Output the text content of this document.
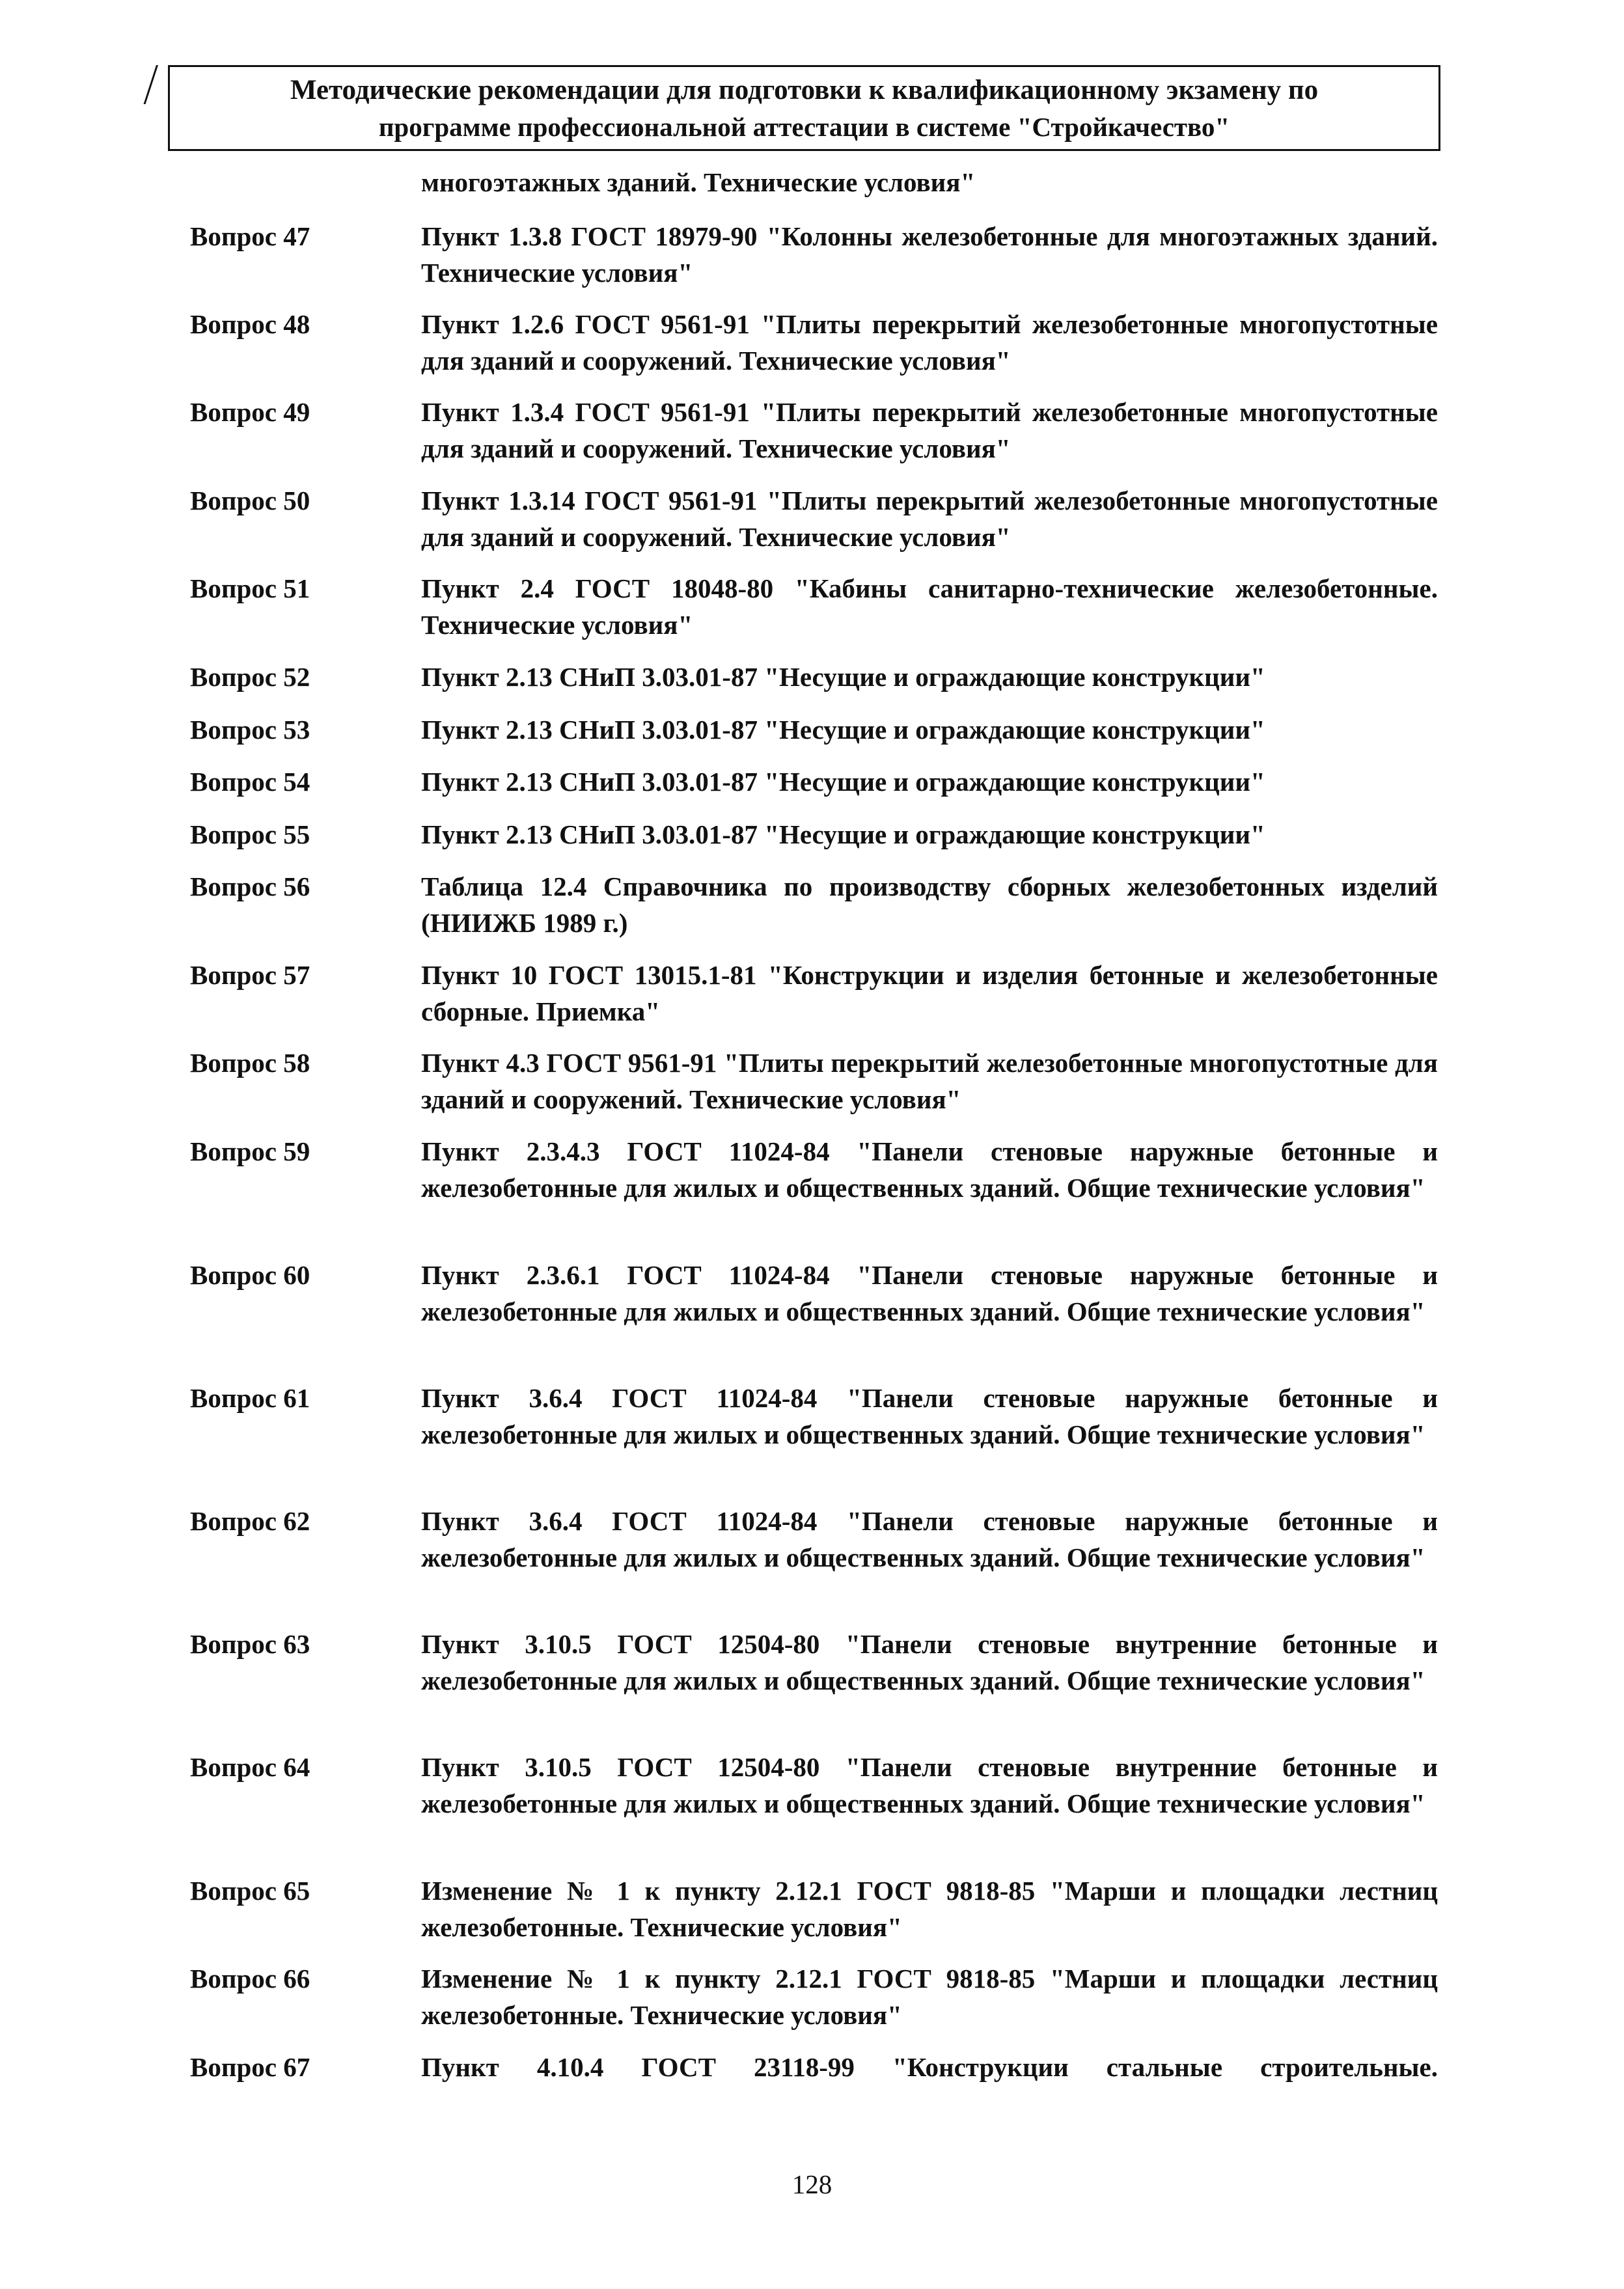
Методические рекомендации для подготовки к квалификационному экзамену по
программе профессиональной аттестации в системе "Стройкачество"
многоэтажных зданий. Технические условия"
Вопрос 47	Пункт 1.3.8 ГОСТ 18979-90 "Колонны железобетонные для многоэтажных зданий. Технические условия"
Вопрос 48	Пункт 1.2.6 ГОСТ 9561-91 "Плиты перекрытий железобетонные многопустотные для зданий и сооружений. Технические условия"
Вопрос 49	Пункт 1.3.4 ГОСТ 9561-91 "Плиты перекрытий железобетонные многопустотные для зданий и сооружений. Технические условия"
Вопрос 50	Пункт 1.3.14 ГОСТ 9561-91 "Плиты перекрытий железобетонные многопустотные для зданий и сооружений. Технические условия"
Вопрос 51	Пункт 2.4 ГОСТ 18048-80 "Кабины санитарно-технические железобетонные. Технические условия"
Вопрос 52	Пункт 2.13 СНиП 3.03.01-87 "Несущие и ограждающие конструкции"
Вопрос 53	Пункт 2.13 СНиП 3.03.01-87 "Несущие и ограждающие конструкции"
Вопрос 54	Пункт 2.13 СНиП 3.03.01-87 "Несущие и ограждающие конструкции"
Вопрос 55	Пункт 2.13 СНиП 3.03.01-87 "Несущие и ограждающие конструкции"
Вопрос 56	Таблица 12.4 Справочника по производству сборных железобетонных изделий (НИИЖБ 1989 г.)
Вопрос 57	Пункт 10 ГОСТ 13015.1-81 "Конструкции и изделия бетонные и железобетонные сборные. Приемка"
Вопрос 58	Пункт 4.3 ГОСТ 9561-91 "Плиты перекрытий железобетонные многопустотные для зданий и сооружений. Технические условия"
Вопрос 59	Пункт 2.3.4.3 ГОСТ 11024-84 "Панели стеновые наружные бетонные и железобетонные для жилых и общественных зданий. Общие технические условия"
Вопрос 60	Пункт 2.3.6.1 ГОСТ 11024-84 "Панели стеновые наружные бетонные и железобетонные для жилых и общественных зданий. Общие технические условия"
Вопрос 61	Пункт 3.6.4 ГОСТ 11024-84 "Панели стеновые наружные бетонные и железобетонные для жилых и общественных зданий. Общие технические условия"
Вопрос 62	Пункт 3.6.4 ГОСТ 11024-84 "Панели стеновые наружные бетонные и железобетонные для жилых и общественных зданий. Общие технические условия"
Вопрос 63	Пункт 3.10.5 ГОСТ 12504-80 "Панели стеновые внутренние бетонные и железобетонные для жилых и общественных зданий. Общие технические условия"
Вопрос 64	Пункт 3.10.5 ГОСТ 12504-80 "Панели стеновые внутренние бетонные и железобетонные для жилых и общественных зданий. Общие технические условия"
Вопрос 65	Изменение № 1 к пункту 2.12.1 ГОСТ 9818-85 "Марши и площадки лестниц железобетонные. Технические условия"
Вопрос 66	Изменение № 1 к пункту 2.12.1 ГОСТ 9818-85 "Марши и площадки лестниц железобетонные. Технические условия"
Вопрос 67	Пункт 4.10.4 ГОСТ 23118-99 "Конструкции стальные строительные.
128
